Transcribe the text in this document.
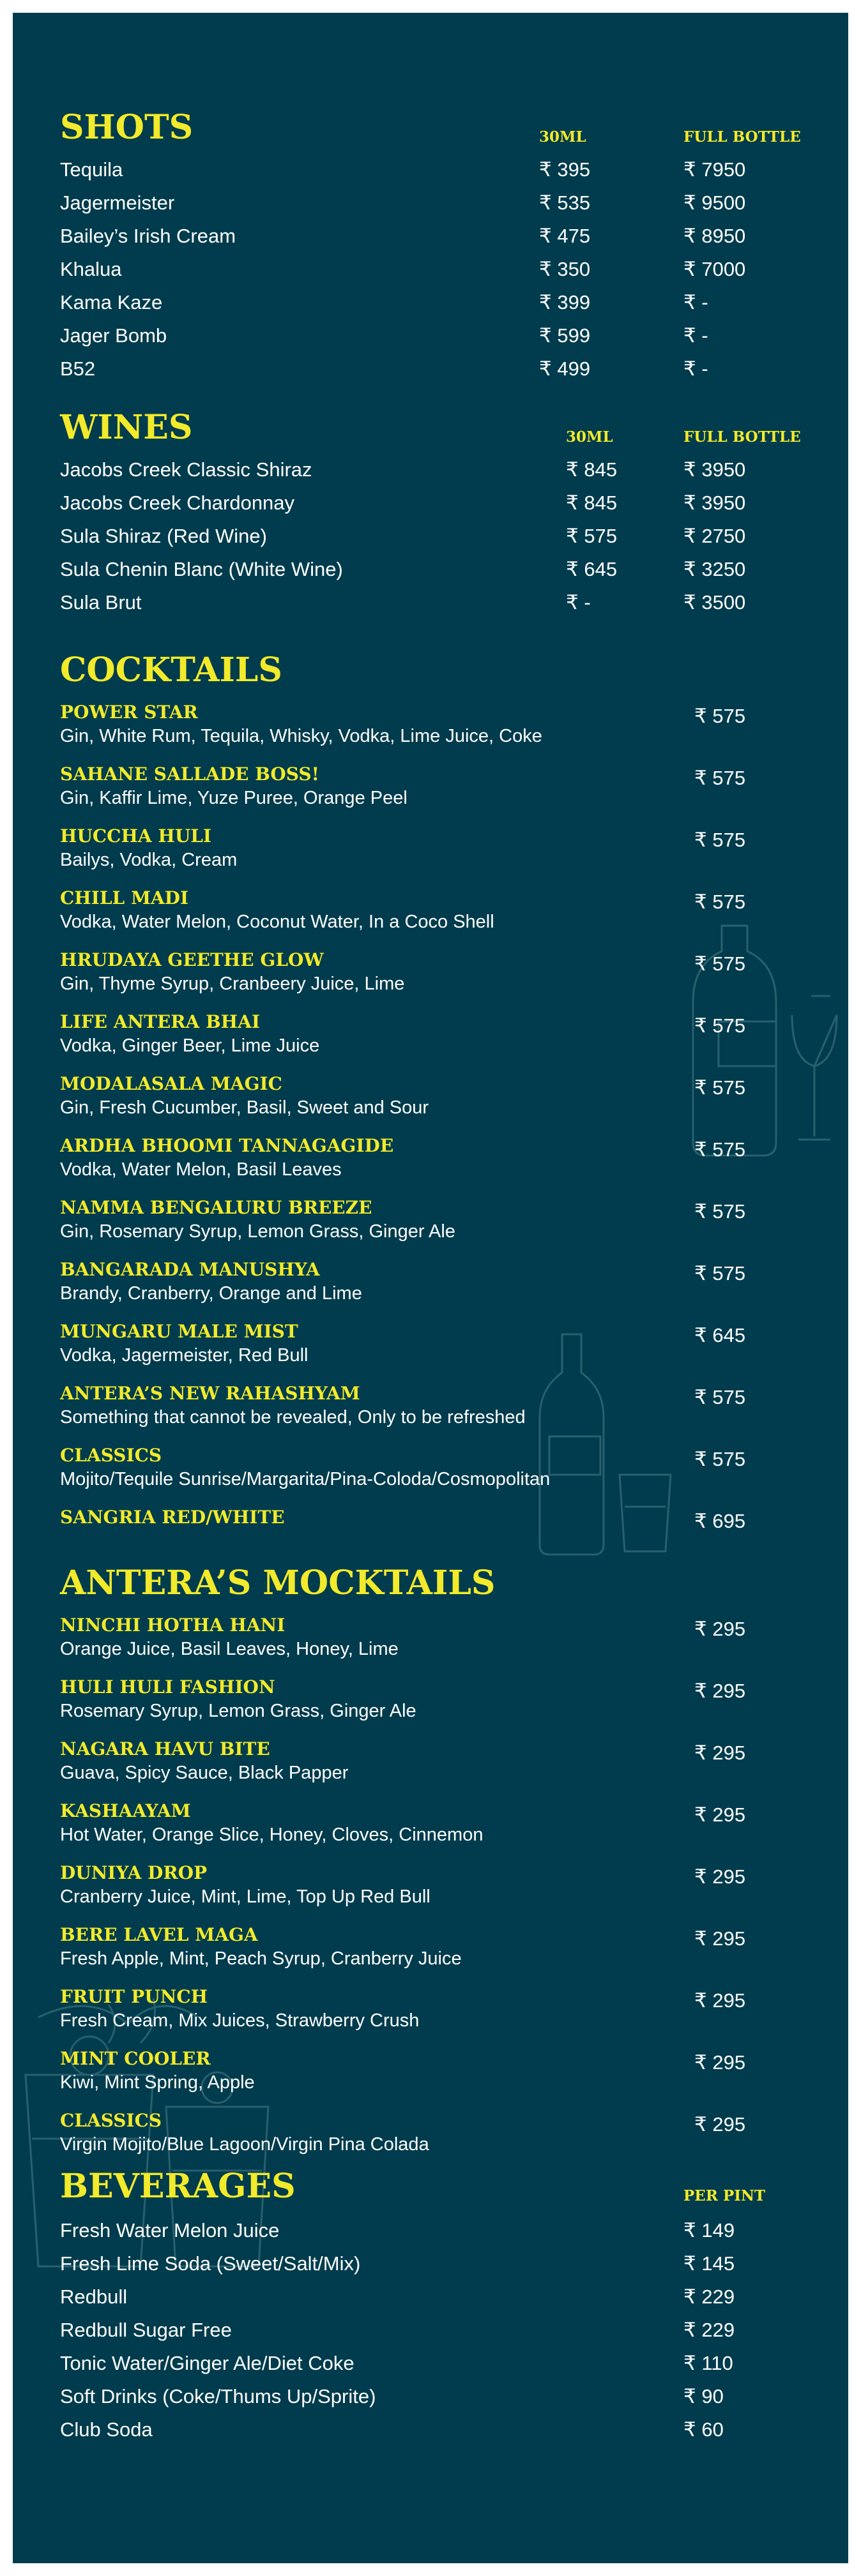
SHOTS	30ML	FULL BOTTLE
Tequila	₹ 395	₹ 7950
Jagermeister	₹ 535	₹ 9500
Bailey’s Irish Cream	₹ 475	₹ 8950
Khalua	₹ 350	₹ 7000
Kama Kaze	₹ 399	₹ -
Jager Bomb	₹ 599	₹ -
B52	₹ 499	₹ -
WINES	30ML	FULL BOTTLE
Jacobs Creek Classic Shiraz	₹ 845	₹ 3950
Jacobs Creek Chardonnay	₹ 845	₹ 3950
Sula Shiraz (Red Wine)	₹ 575	₹ 2750
Sula Chenin Blanc (White Wine)	₹ 645	₹ 3250
Sula Brut	₹ -	₹ 3500
COCKTAILS
POWER STAR
Gin, White Rum, Tequila, Whisky, Vodka, Lime Juice, Coke
₹ 575
SAHANE SALLADE BOSS!
Gin, Kaffir Lime, Yuze Puree, Orange Peel
₹ 575
HUCCHA HULI
Bailys, Vodka, Cream
₹ 575
CHILL MADI
Vodka, Water Melon, Coconut Water, In a Coco Shell
₹ 575
HRUDAYA GEETHE GLOW
Gin, Thyme Syrup, Cranbeery Juice, Lime
₹ 575
LIFE ANTERA BHAI
Vodka, Ginger Beer, Lime Juice
₹ 575
MODALASALA MAGIC
Gin, Fresh Cucumber, Basil, Sweet and Sour
₹ 575
ARDHA BHOOMI TANNAGAGIDE
Vodka, Water Melon, Basil Leaves
₹ 575
NAMMA BENGALURU BREEZE
Gin, Rosemary Syrup, Lemon Grass, Ginger Ale
₹ 575
BANGARADA MANUSHYA
Brandy, Cranberry, Orange and Lime
₹ 575
MUNGARU MALE MIST
Vodka, Jagermeister, Red Bull
₹ 645
ANTERA’S NEW RAHASHYAM
Something that cannot be revealed, Only to be refreshed
₹ 575
CLASSICS
Mojito/Tequile Sunrise/Margarita/Pina-Coloda/Cosmopolitan
₹ 575
SANGRIA RED/WHITE	₹ 695
ANTERA’S MOCKTAILS
NINCHI HOTHA HANI
Orange Juice, Basil Leaves, Honey, Lime
₹ 295
HULI HULI FASHION
Rosemary Syrup, Lemon Grass, Ginger Ale
₹ 295
NAGARA HAVU BITE
Guava, Spicy Sauce, Black Papper
₹ 295
KASHAAYAM
Hot Water, Orange Slice, Honey, Cloves, Cinnemon
₹ 295
DUNIYA DROP
Cranberry Juice, Mint, Lime, Top Up Red Bull
₹ 295
BERE LAVEL MAGA
Fresh Apple, Mint, Peach Syrup, Cranberry Juice
₹ 295
FRUIT PUNCH
Fresh Cream, Mix Juices, Strawberry Crush
₹ 295
MINT COOLER
Kiwi, Mint Spring, Apple
₹ 295
CLASSICS
Virgin Mojito/Blue Lagoon/Virgin Pina Colada
₹ 295
BEVERAGES	PER PINT
Fresh Water Melon Juice	₹ 149
Fresh Lime Soda (Sweet/Salt/Mix)	₹ 145
Redbull	₹ 229
Redbull Sugar Free	₹ 229
Tonic Water/Ginger Ale/Diet Coke	₹ 110
Soft Drinks (Coke/Thums Up/Sprite)	₹ 90
Club Soda	₹ 60
